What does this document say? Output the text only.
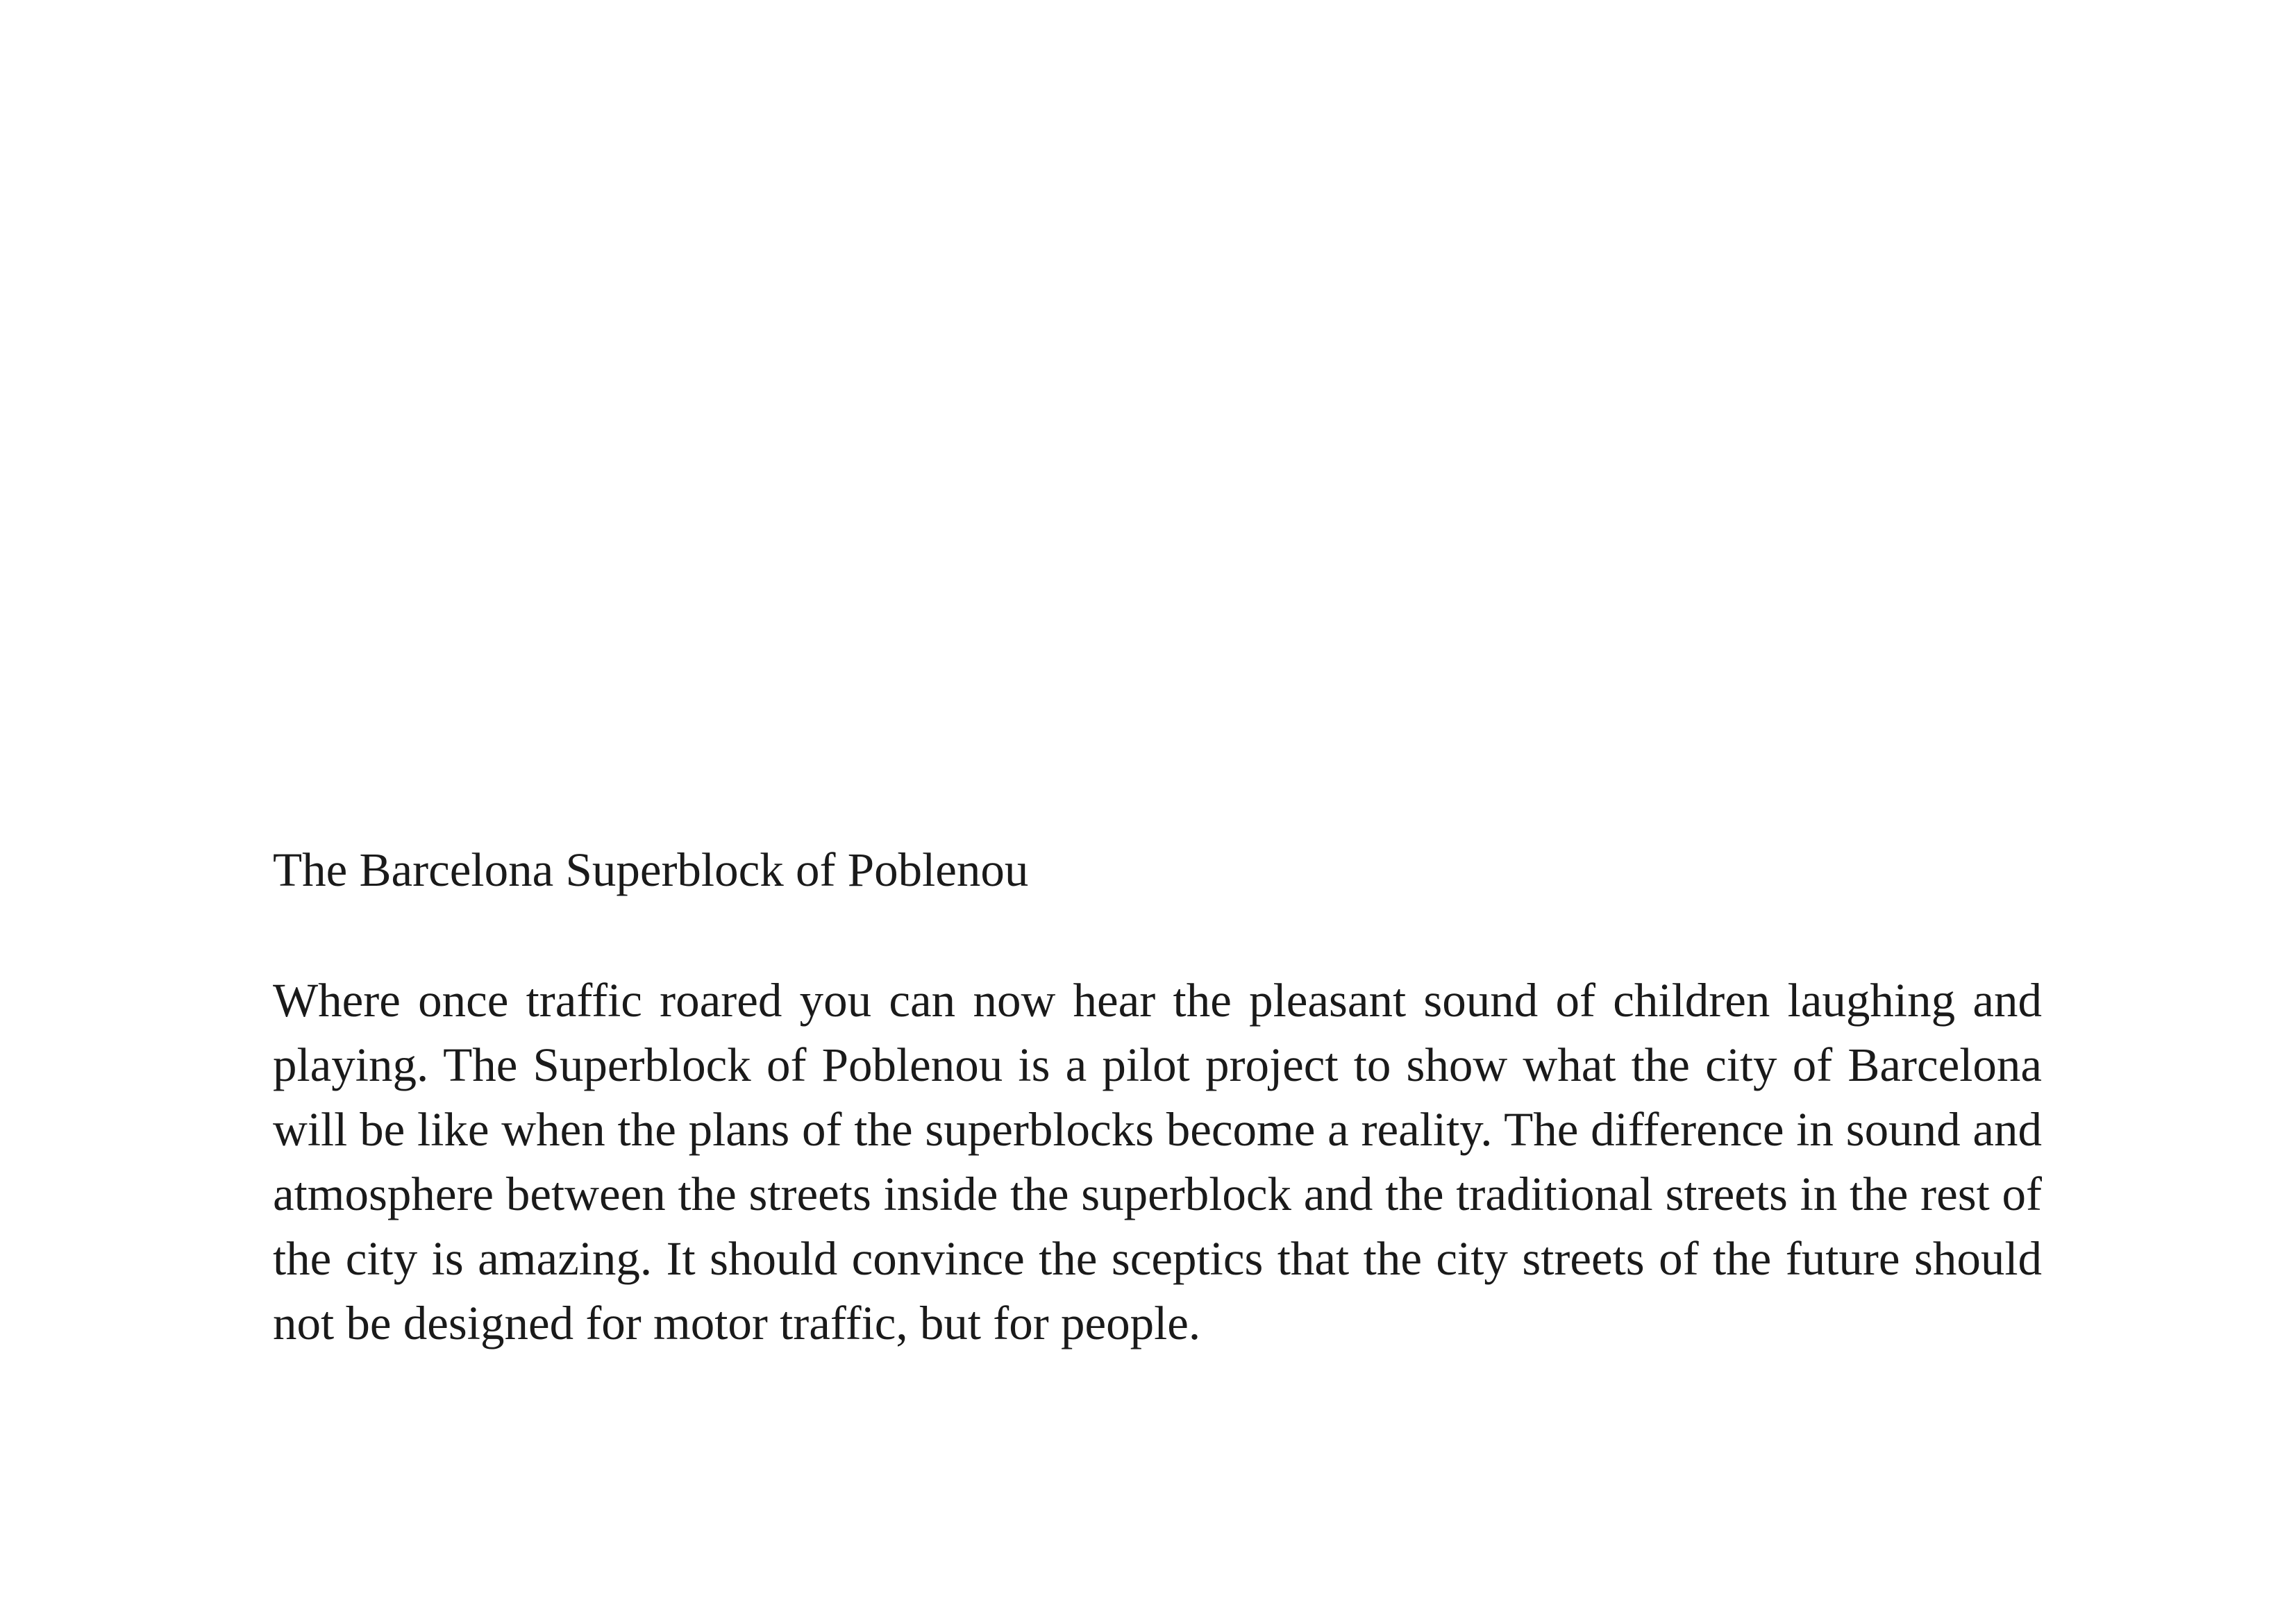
The Barcelona Superblock of Poblenou

Where once traffic roared you can now hear the pleasant sound of children laughing and playing. The Superblock of Poblenou is a pilot project to show what the city of Barcelona will be like when the plans of the superblocks become a reality. The difference in sound and atmosphere between the streets inside the superblock and the traditional streets in the rest of the city is amazing. It should convince the sceptics that the city streets of the future should not be designed for motor traffic, but for people.
